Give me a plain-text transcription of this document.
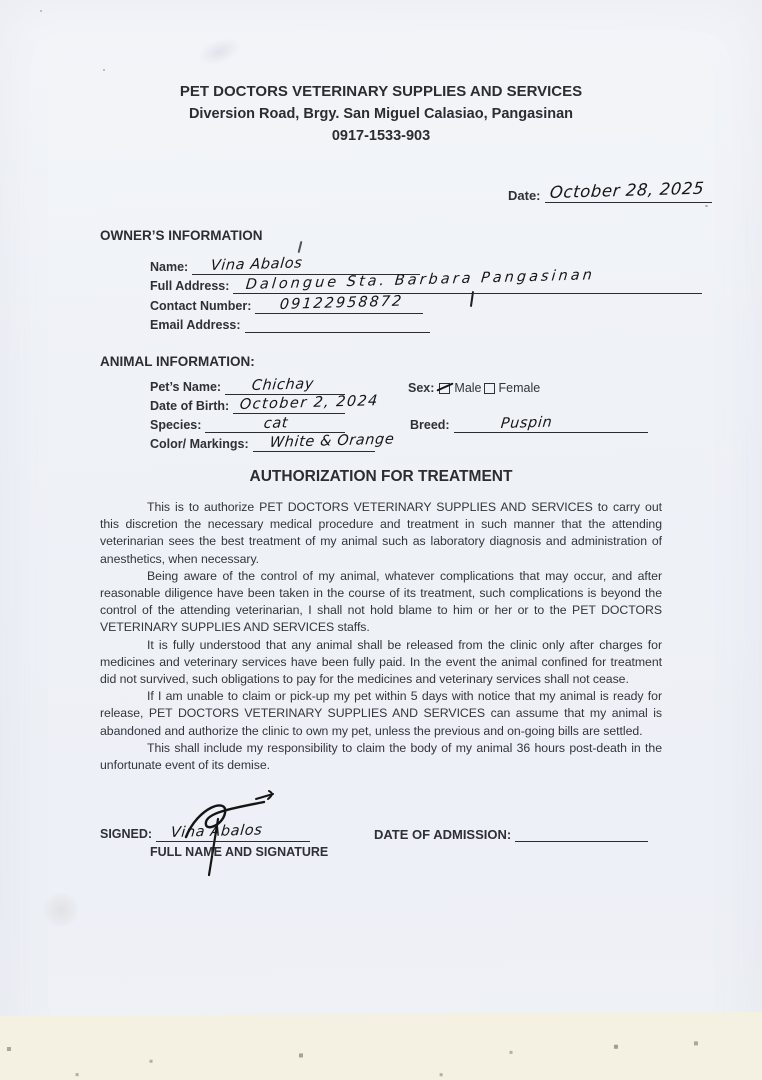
PET DOCTORS VETERINARY SUPPLIES AND SERVICES
Diversion Road, Brgy. San Miguel Calasiao, Pangasinan
0917-1533-903
Date: October 28, 2025
OWNER’S INFORMATION
Name: Vina Abalos
Full Address: Dalongue Sta. Barbara Pangasinan
Contact Number: 09122958872
Email Address:
ANIMAL INFORMATION:
Pet’s Name: Chichay	Sex: Male Female
Date of Birth: October 2, 2024
Species:	cat	Breed:	Puspin
Color/ Markings: White & Orange
AUTHORIZATION FOR TREATMENT

This is to authorize PET DOCTORS VETERINARY SUPPLIES AND SERVICES to carry out this discretion the necessary medical procedure and treatment in such manner that the attending veterinarian sees the best treatment of my animal such as laboratory diagnosis and administration of anesthetics, when necessary.

Being aware of the control of my animal, whatever complications that may occur, and after reasonable diligence have been taken in the course of its treatment, such complications is beyond the control of the attending veterinarian, I shall not hold blame to him or her or to the PET DOCTORS VETERINARY SUPPLIES AND SERVICES staffs.

It is fully understood that any animal shall be released from the clinic only after charges for medicines and veterinary services have been fully paid. In the event the animal confined for treatment did not survived, such obligations to pay for the medicines and veterinary services shall not cease.

If I am unable to claim or pick-up my pet within 5 days with notice that my animal is ready for release, PET DOCTORS VETERINARY SUPPLIES AND SERVICES can assume that my animal is abandoned and authorize the clinic to own my pet, unless the previous and on-going bills are settled.

This shall include my responsibility to claim the body of my animal 36 hours post-death in the unfortunate event of its demise.

SIGNED: Vina Abalos
FULL NAME AND SIGNATURE
DATE OF ADMISSION:
